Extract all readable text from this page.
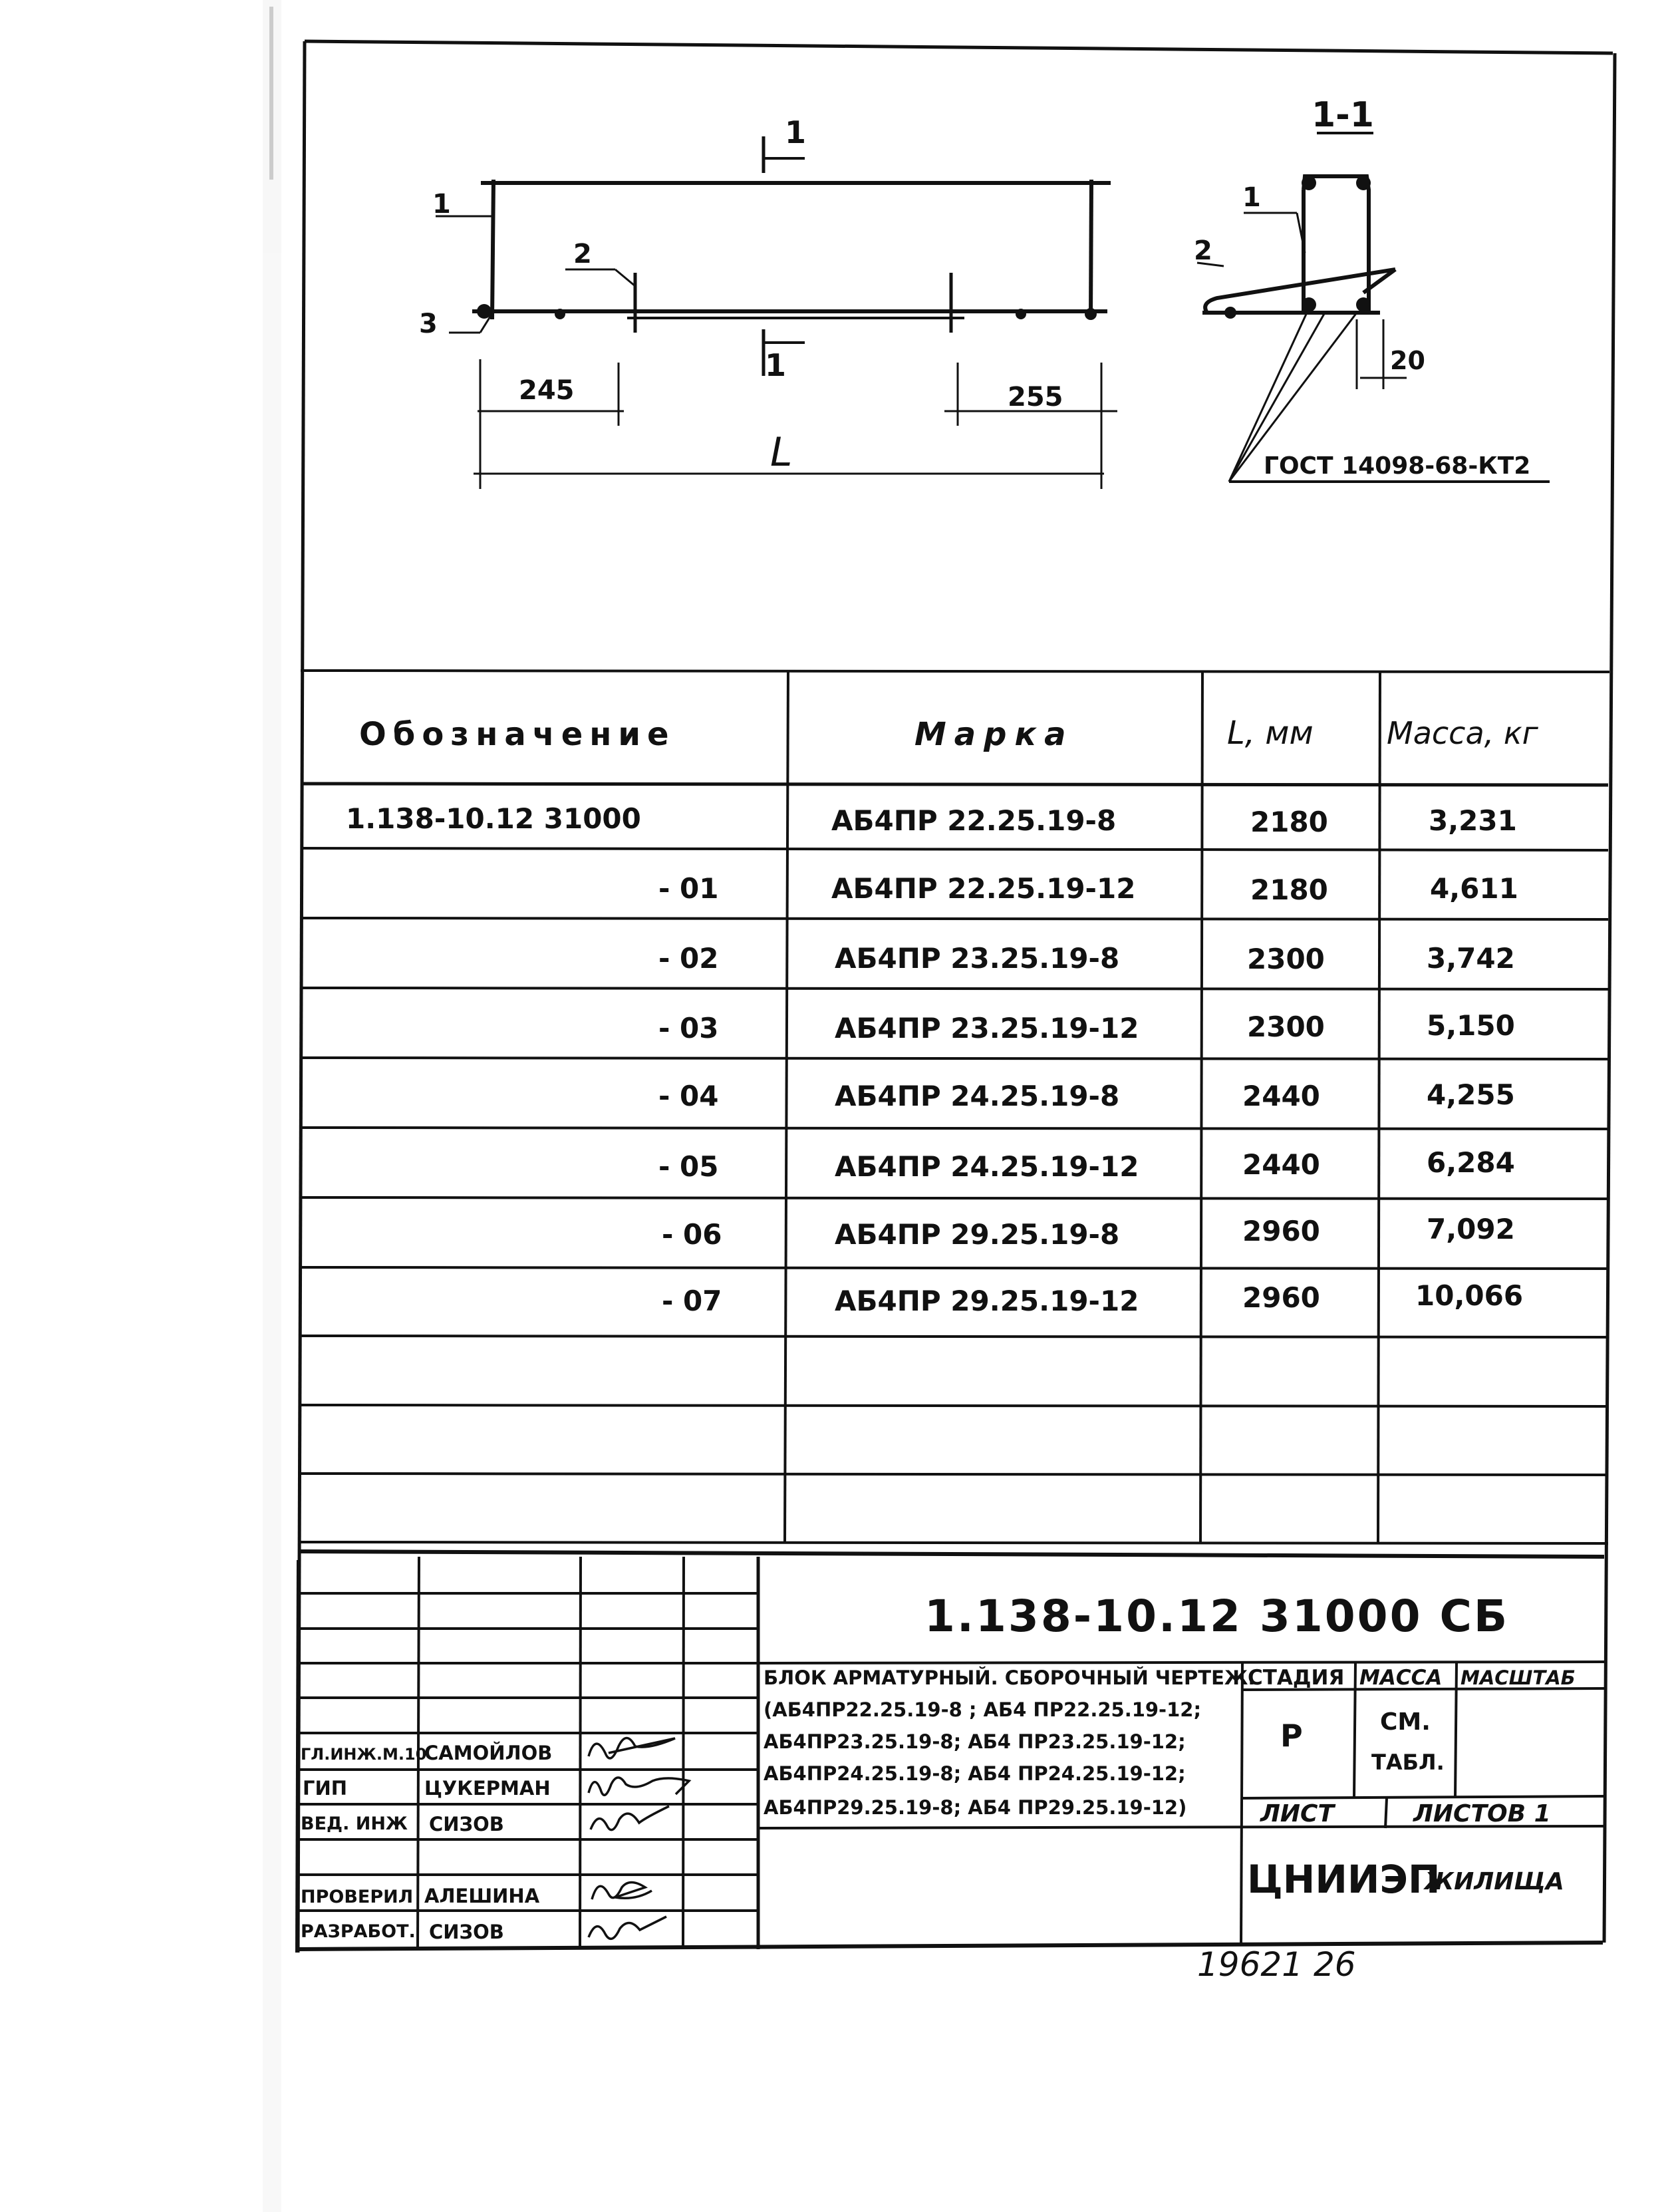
1
1
1
2
3
245	255
L
1-1
1
2
20
ГОСТ 14098-68-КТ2
Обозначение	Марка	L, мм Масса, кг
1.138-10.12 31000	АБ4ПР 22.25.19-8	2180	3,231
- 01	АБ4ПР 22.25.19-12	2180	4,611
- 02	АБ4ПР 23.25.19-8	2300	3,742
- 03	АБ4ПР 23.25.19-12	2300	5,150
- 04	АБ4ПР 24.25.19-8	2440	4,255
- 05	АБ4ПР 24.25.19-12	2440	6,284
- 06	АБ4ПР 29.25.19-8	2960	7,092
- 07	АБ4ПР 29.25.19-12	2960	10,066
1.138-10.12 31000 СБ
БЛОК АРМАТУРНЫЙ. СБОРОЧНЫЙ ЧЕРТЕЖ.
(АБ4ПР22.25.19-8 ; АБ4 ПР22.25.19-12;
АБ4ПР23.25.19-8; АБ4 ПР23.25.19-12;
АБ4ПР24.25.19-8; АБ4 ПР24.25.19-12;
АБ4ПР29.25.19-8; АБ4 ПР29.25.19-12)
СТАДИЯ МАССА МАСШТАБ
Р	СМ.
ТАБЛ.
ЛИСТ	ЛИСТОВ 1
ЦНИИЭП
ЖИЛИЩА
ГЛ.ИНЖ.М.10
САМОЙЛОВ
ГИП	ЦУКЕРМАН
ВЕД. ИНЖ СИЗОВ
ПРОВЕРИЛ АЛЕШИНА
РАЗРАБОТ. СИЗОВ
19621 26
